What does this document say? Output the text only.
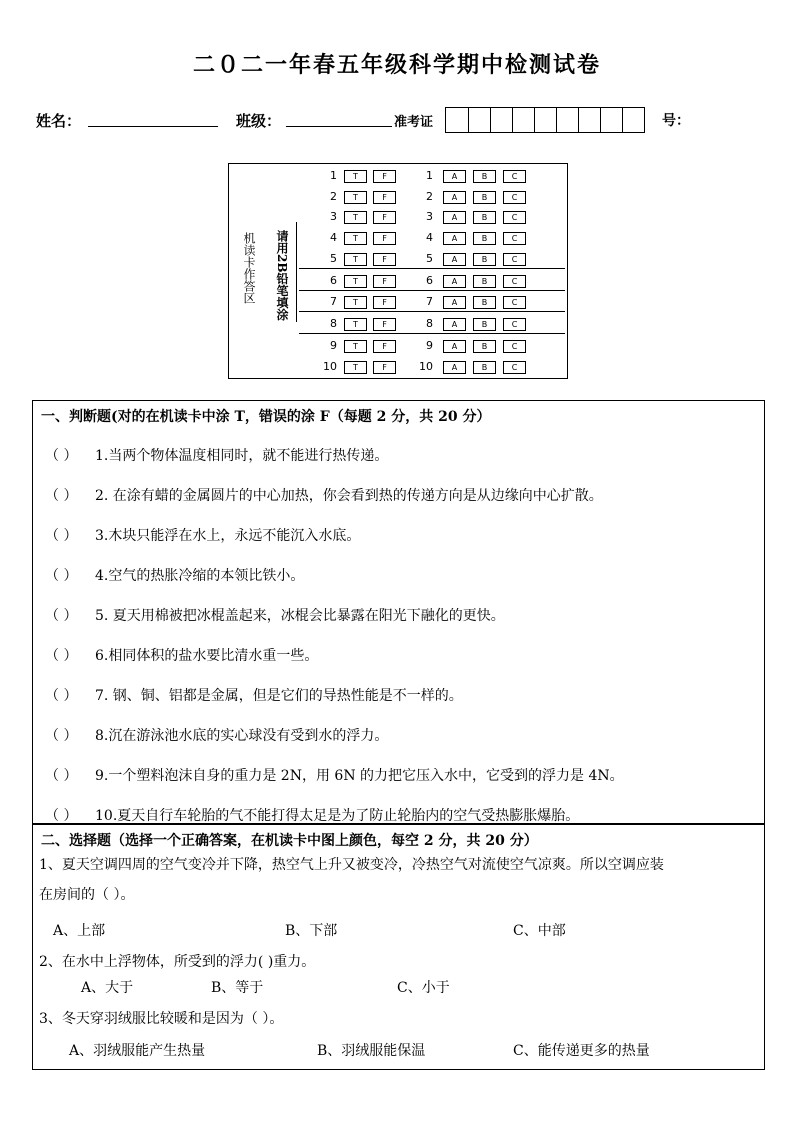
二０二一年春五年级科学期中检测试卷
姓名：	班级：	准考证	号：
机读卡作答区 请用2B铅笔填涂
1	T	F	1	A	B	C
2	T	F	2	A	B	C
3	T	F	3	A	B	C
4	T	F	4	A	B	C
5	T	F	5	A	B	C
6	T	F	6	A	B	C
7	T	F	7	A	B	C
8	T	F	8	A	B	C
9	T	F	9	A	B	C
10	T	F	10	A	B	C
一、判断题(对的在机读卡中涂 T，错误的涂 F（每题 2 分，共 20 分）
（ ） 1.当两个物体温度相同时，就不能进行热传递。
（ ） 2. 在涂有蜡的金属圆片的中心加热，你会看到热的传递方向是从边缘向中心扩散。
（ ） 3.木块只能浮在水上，永远不能沉入水底。
（ ） 4.空气的热胀冷缩的本领比铁小。
（ ） 5. 夏天用棉被把冰棍盖起来，冰棍会比暴露在阳光下融化的更快。
（ ） 6.相同体积的盐水要比清水重一些。
（ ） 7. 钢、铜、铝都是金属，但是它们的导热性能是不一样的。
（ ） 8.沉在游泳池水底的实心球没有受到水的浮力。
（ ） 9.一个塑料泡沫自身的重力是 2N，用 6N 的力把它压入水中，它受到的浮力是 4N。
（ ） 10.夏天自行车轮胎的气不能打得太足是为了防止轮胎内的空气受热膨胀爆胎。
二、选择题（选择一个正确答案，在机读卡中图上颜色，每空 2 分，共 20 分）
1、夏天空调四周的空气变冷并下降，热空气上升又被变冷，冷热空气对流使空气凉爽。所以空调应装
在房间的（ ）。
A、上部	B、下部	C、中部
2、在水中上浮物体，所受到的浮力( )重力。
A、大于	B、等于	C、小于
3、冬天穿羽绒服比较暖和是因为（ ）。
A、羽绒服能产生热量	B、羽绒服能保温	C、能传递更多的热量
